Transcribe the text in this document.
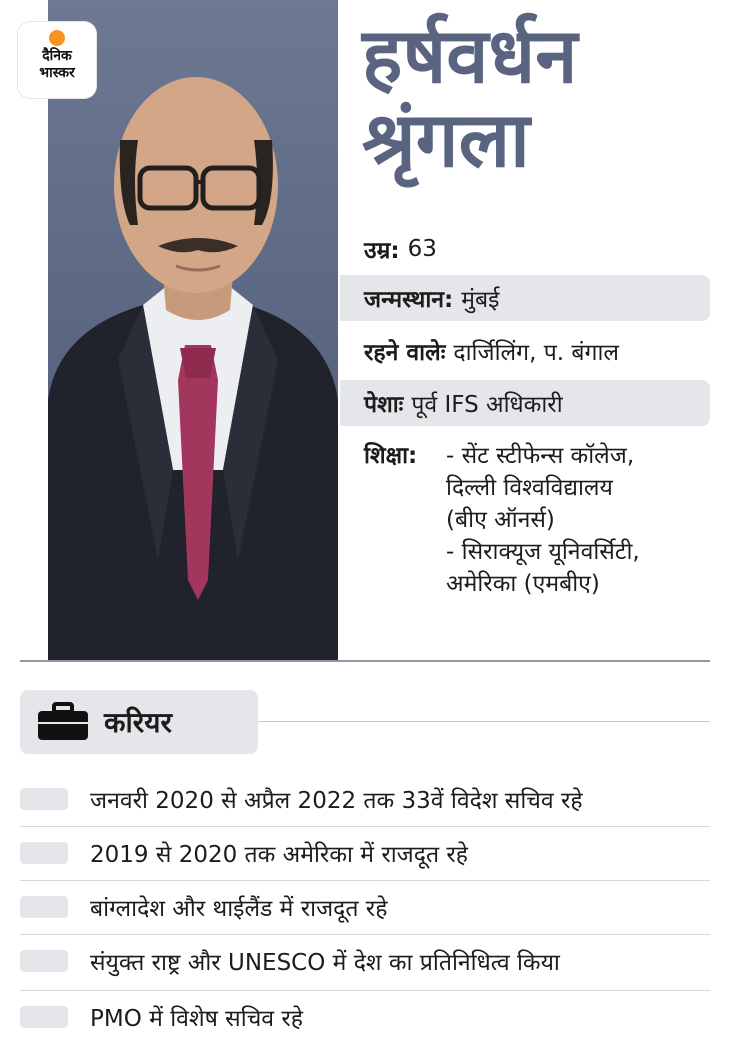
दैनिक
भास्कर	हर्षवर्धन
श्रृंगला
उम्र: 63
जन्मस्थान: मुंबई
रहने वालेः दार्जिलिंग, प. बंगाल
पेशाः पूर्व IFS अधिकारी
शिक्षा: - सेंट स्टीफेन्स कॉलेज,
दिल्ली विश्वविद्यालय
(बीए ऑनर्स)
- सिराक्यूज यूनिवर्सिटी,
अमेरिका (एमबीए)
करियर
जनवरी 2020 से अप्रैल 2022 तक 33वें विदेश सचिव रहे
2019 से 2020 तक अमेरिका में राजदूत रहे
बांग्लादेश और थाईलैंड में राजदूत रहे
संयुक्त राष्ट्र और UNESCO में देश का प्रतिनिधित्व किया
PMO में विशेष सचिव रहे
